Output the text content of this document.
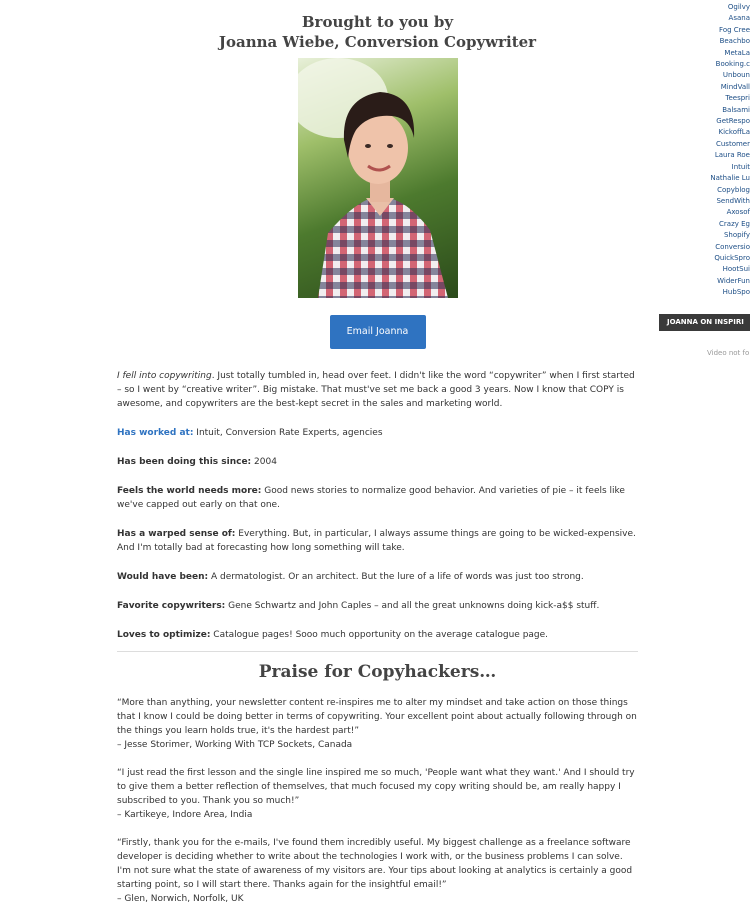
Brought to you by
Joanna Wiebe, Conversion Copywriter
Email Joanna

I fell into copywriting. Just totally tumbled in, head over feet. I didn't like the word “copywriter” when I first started – so I went by “creative writer”. Big mistake. That must've set me back a good 3 years. Now I know that COPY is awesome, and copywriters are the best-kept secret in the sales and marketing world.

Has worked at: Intuit, Conversion Rate Experts, agencies

Has been doing this since: 2004

Feels the world needs more: Good news stories to normalize good behavior. And varieties of pie – it feels like we've capped out early on that one.

Has a warped sense of: Everything. But, in particular, I always assume things are going to be wicked-expensive. And I'm totally bad at forecasting how long something will take.

Would have been: A dermatologist. Or an architect. But the lure of a life of words was just too strong.

Favorite copywriters: Gene Schwartz and John Caples – and all the great unknowns doing kick-a$$ stuff.

Loves to optimize: Catalogue pages! Sooo much opportunity on the average catalogue page.

Praise for Copyhackers…
“More than anything, your newsletter content re-inspires me to alter my mindset and take action on those things that I know I could be doing better in terms of copywriting. Your excellent point about actually following through on the things you learn holds true, it's the hardest part!”
– Jesse Storimer, Working With TCP Sockets, Canada
“I just read the first lesson and the single line inspired me so much, 'People want what they want.' And I should try to give them a better reflection of themselves, that much focused my copy writing should be, am really happy I subscribed to you. Thank you so much!”
– Kartikeye, Indore Area, India
“Firstly, thank you for the e-mails, I've found them incredibly useful. My biggest challenge as a freelance software developer is deciding whether to write about the technologies I work with, or the business problems I can solve. I'm not sure what the state of awareness of my visitors are. Your tips about looking at analytics is certainly a good starting point, so I will start there. Thanks again for the insightful email!”
– Glen, Norwich, Norfolk, UK
Ogilvy
Asana
Fog Cree
Beachbo
MetaLa
Booking.c
Unboun
MindVall
Teespri
Balsami
GetRespo
KickoffLa
Customer
Laura Roe
Intuit
Nathalie Lu
Copyblog
SendWith
Axosof
Crazy Eg
Shopify
Conversio
QuickSpro
HootSui
WiderFun
HubSpo
JOANNA ON INSPIRI
Video not fo
